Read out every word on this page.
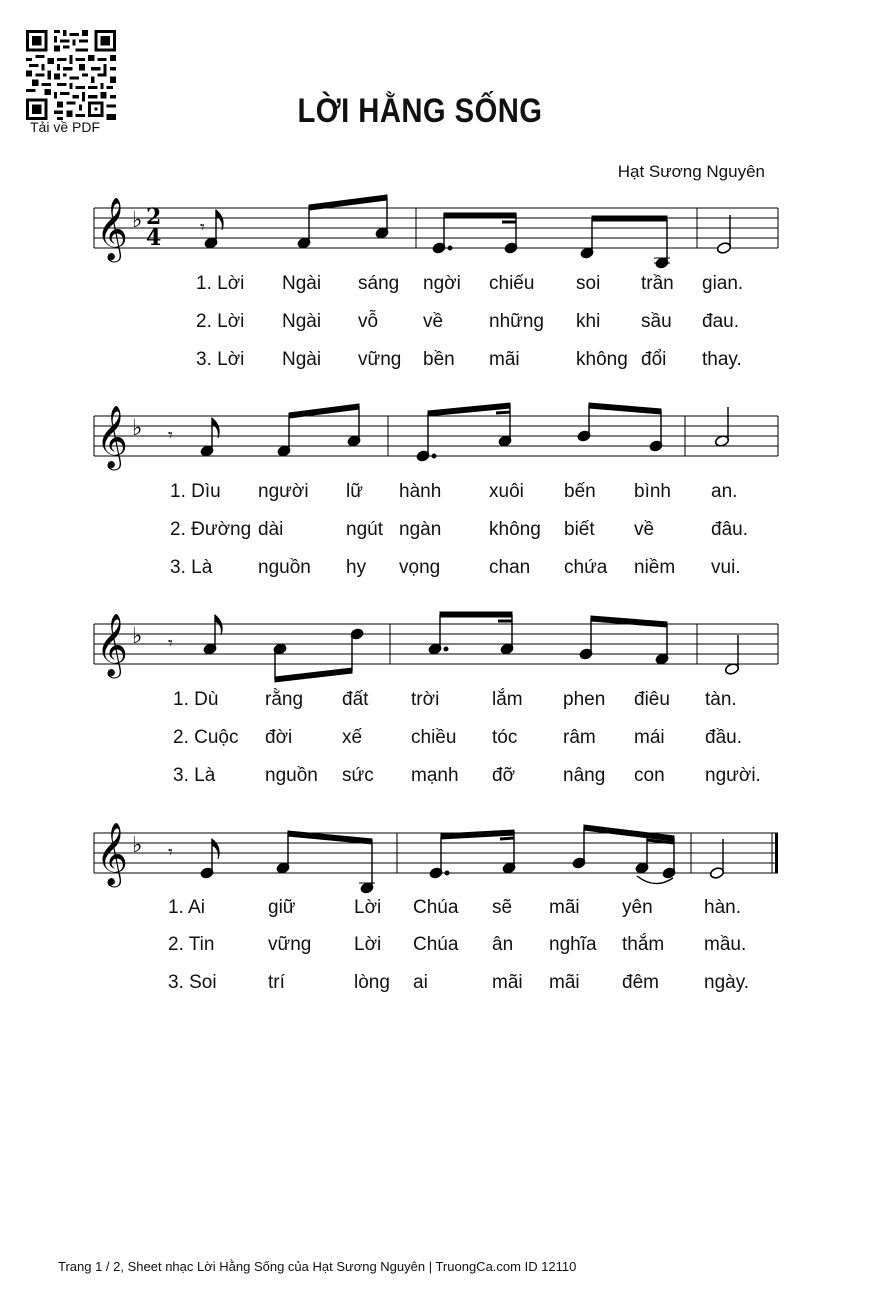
Tải về PDF	LỜI HẰNG SỐNG
Hạt Sương Nguyên
𝄞 ♭ 2
4 𝄾
𝄞 ♭ 𝄾
𝄞 ♭ 𝄾
𝄞 ♭ 𝄾
1. Lời Ngài sáng ngời chiếu soi trần gian.
2. Lời Ngài vỗ về những khi sầu đau.
3. Lời Ngài vững bền mãi	không đổi thay.
1. Dìu người lữ hành	xuôi bến bình an.
2. Đường dài	ngút ngàn	không biết về	đâu.
3. Là nguồn hy vọng	chan chứa niềm vui.
1. Dù rằng đất trời	lắm phen điêu tàn.
2. Cuộc đời	xế	chiều tóc râm mái đầu.
3. Là	nguồn sức mạnh đỡ	nâng con người.
1. Ai	giữ	Lời Chúa sẽ mãi yên	hàn.
2. Tin	vững Lời Chúa ân nghĩa thắm mầu.
3. Soi	trí	lòng ai	mãi mãi đêm ngày.
Trang 1 / 2, Sheet nhạc Lời Hằng Sống của Hạt Sương Nguyên | TruongCa.com ID 12110
